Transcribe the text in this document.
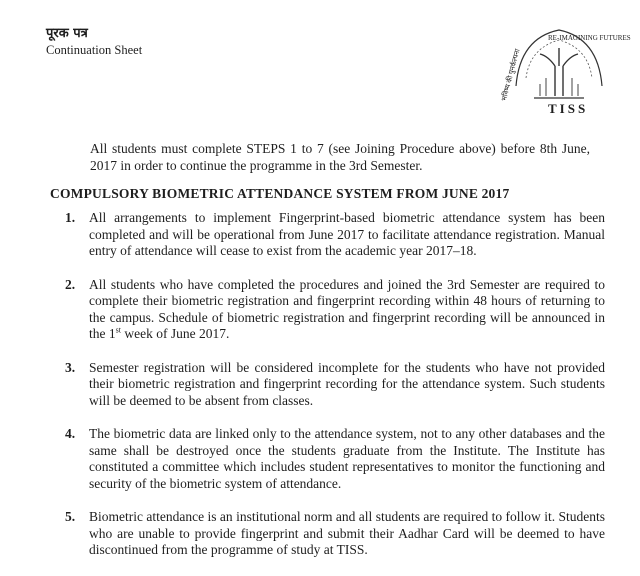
पूरक पत्र
Continuation Sheet	भविष्य की पुनर्कल्पना
RE-IMAGINING FUTURES
TISS
All students must complete STEPS 1 to 7 (see Joining Procedure above) before 8th June, 2017 in order to continue the programme in the 3rd Semester.
COMPULSORY BIOMETRIC ATTENDANCE SYSTEM FROM JUNE 2017
1. All arrangements to implement Fingerprint-based biometric attendance system has been completed and will be operational from June 2017 to facilitate attendance registration. Manual entry of attendance will cease to exist from the academic year 2017–18.
2. All students who have completed the procedures and joined the 3rd Semester are required to complete their biometric registration and fingerprint recording within 48 hours of returning to the campus. Schedule of biometric registration and fingerprint recording will be announced in the 1st week of June 2017.
3. Semester registration will be considered incomplete for the students who have not provided their biometric registration and fingerprint recording for the attendance system. Such students will be deemed to be absent from classes.
4. The biometric data are linked only to the attendance system, not to any other databases and the same shall be destroyed once the students graduate from the Institute. The Institute has constituted a committee which includes student representatives to monitor the functioning and security of the biometric system of attendance.
5. Biometric attendance is an institutional norm and all students are required to follow it. Students who are unable to provide fingerprint and submit their Aadhar Card will be deemed to have discontinued from the programme of study at TISS.
